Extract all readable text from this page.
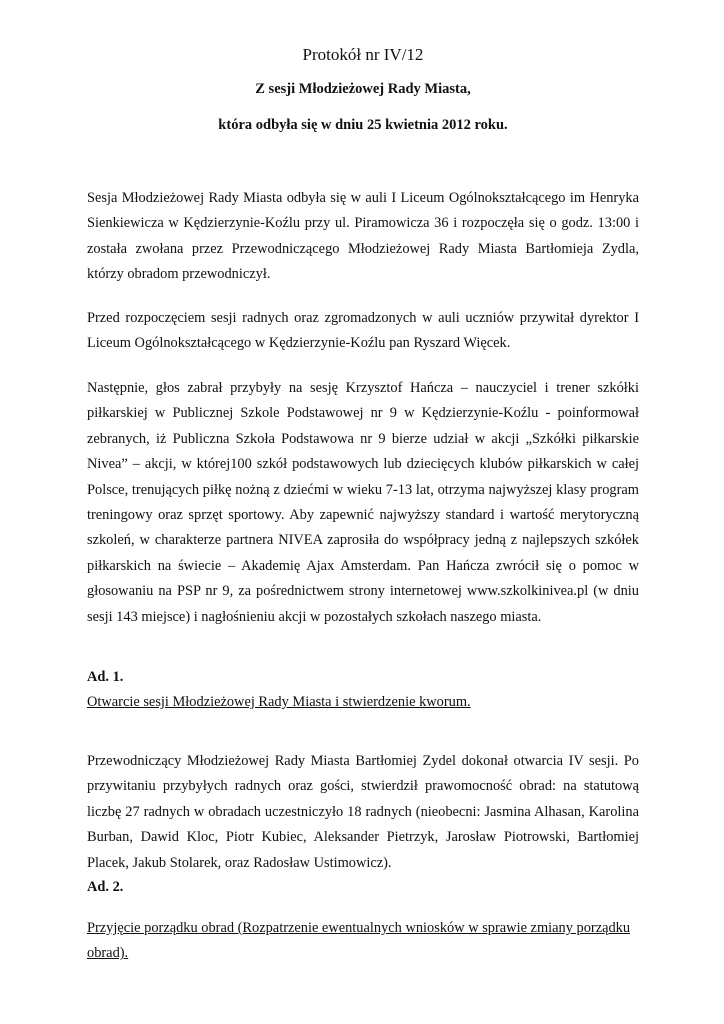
Protokół nr IV/12

Z sesji Młodzieżowej Rady Miasta,

która odbyła się w dniu 25 kwietnia 2012 roku.

Sesja Młodzieżowej Rady Miasta odbyła się w auli I Liceum Ogólnokształcącego im Henryka Sienkiewicza w Kędzierzynie-Koźlu przy ul. Piramowicza 36 i rozpoczęła się o godz. 13:00 i została zwołana przez Przewodniczącego Młodzieżowej Rady Miasta Bartłomieja Zydla, którzy obradom przewodniczył.

Przed rozpoczęciem sesji radnych oraz zgromadzonych w auli uczniów przywitał dyrektor I Liceum Ogólnokształcącego w Kędzierzynie-Koźlu pan Ryszard Więcek.

Następnie, głos zabrał przybyły na sesję Krzysztof Hańcza – nauczyciel i trener szkółki piłkarskiej w Publicznej Szkole Podstawowej nr 9 w Kędzierzynie-Koźlu - poinformował zebranych, iż Publiczna Szkoła Podstawowa nr 9 bierze udział w akcji „Szkółki piłkarskie Nivea” – akcji, w której100 szkół podstawowych lub dziecięcych klubów piłkarskich w całej Polsce, trenujących piłkę nożną z dziećmi w wieku 7-13 lat, otrzyma najwyższej klasy program treningowy oraz sprzęt sportowy. Aby zapewnić najwyższy standard i wartość merytoryczną szkoleń, w charakterze partnera NIVEA zaprosiła do współpracy jedną z najlepszych szkółek piłkarskich na świecie – Akademię Ajax Amsterdam. Pan Hańcza zwrócił się o pomoc w głosowaniu na PSP nr 9, za pośrednictwem strony internetowej www.szkolkinivea.pl (w dniu sesji 143 miejsce) i nagłośnieniu akcji w pozostałych szkołach naszego miasta.

Ad. 1.

Otwarcie sesji Młodzieżowej Rady Miasta i stwierdzenie kworum.

Przewodniczący Młodzieżowej Rady Miasta Bartłomiej Zydel dokonał otwarcia IV sesji. Po przywitaniu przybyłych radnych oraz gości, stwierdził prawomocność obrad: na statutową liczbę 27 radnych w obradach uczestniczyło 18 radnych (nieobecni: Jasmina Alhasan, Karolina Burban, Dawid Kloc, Piotr Kubiec, Aleksander Pietrzyk, Jarosław Piotrowski, Bartłomiej Placek, Jakub Stolarek, oraz Radosław Ustimowicz).

Ad. 2.

Przyjęcie porządku obrad (Rozpatrzenie ewentualnych wniosków w sprawie zmiany porządku obrad).
